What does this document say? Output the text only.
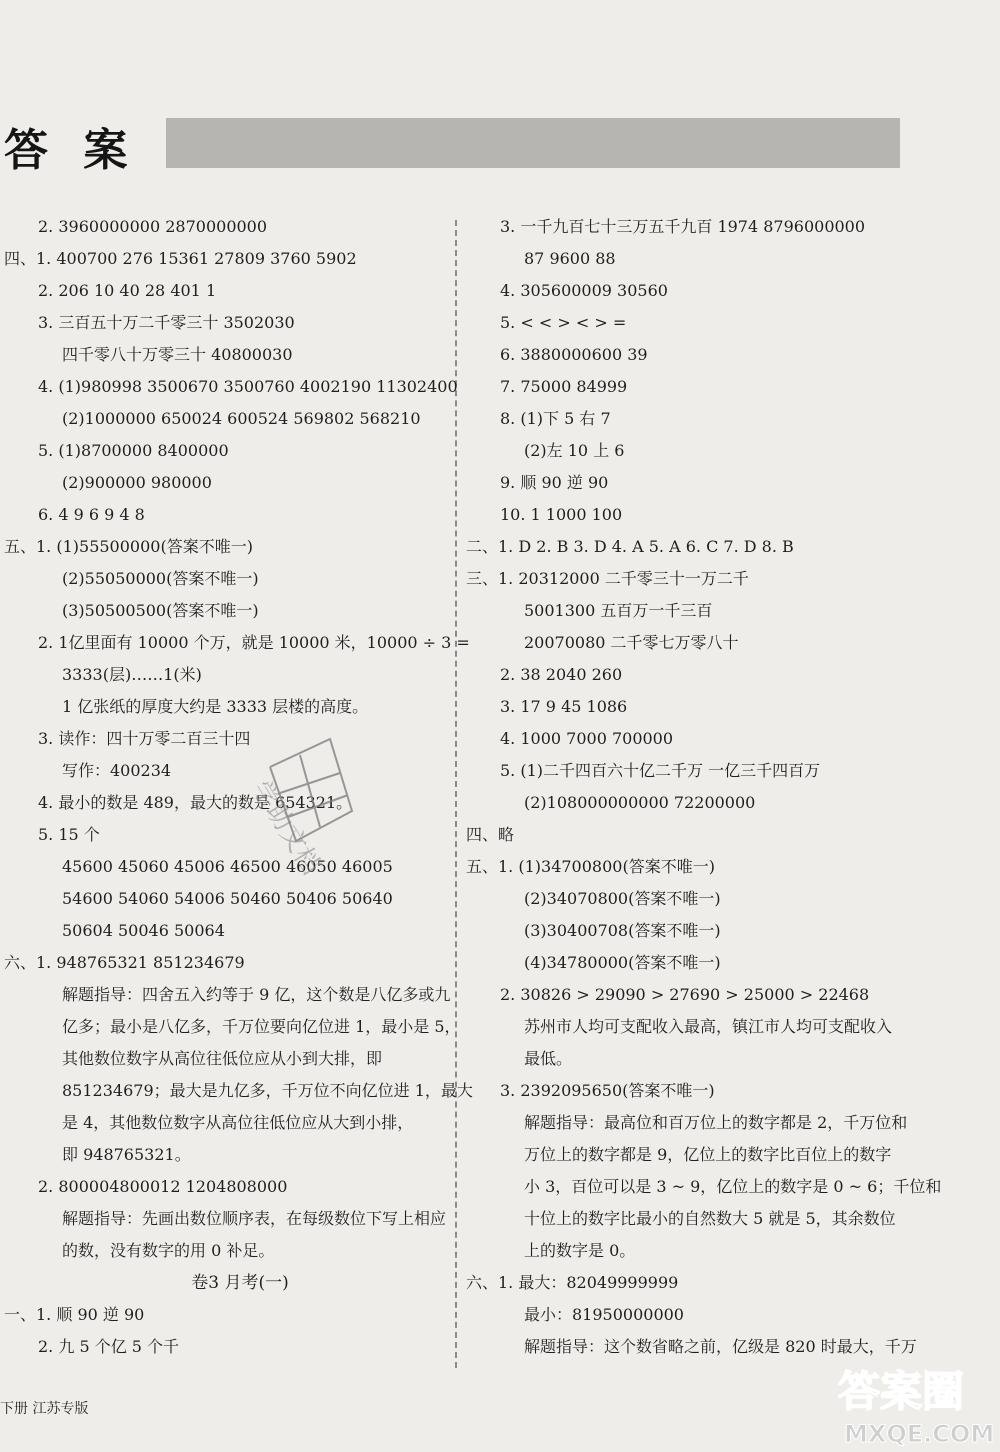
答 案
2. 3960000000 2870000000
四、1. 400700 276 15361 27809 3760 5902
2. 206 10 40 28 401 1
3. 三百五十万二千零三十 3502030
四千零八十万零三十 40800030
4. (1)980998 3500670 3500760 4002190 11302400
(2)1000000 650024 600524 569802 568210
5. (1)8700000 8400000
(2)900000 980000
6. 4 9 6 9 4 8
五、1. (1)55500000(答案不唯一)
(2)55050000(答案不唯一)
(3)50500500(答案不唯一)
2. 1亿里面有 10000 个万，就是 10000 米，10000 ÷ 3 =
3333(层)……1(米)
1 亿张纸的厚度大约是 3333 层楼的高度。
3. 读作：四十万零二百三十四
写作：400234
4. 最小的数是 489，最大的数是 654321。
5. 15 个
45600 45060 45006 46500 46050 46005
54600 54060 54006 50460 50406 50640
50604 50046 50064
六、1. 948765321 851234679
解题指导：四舍五入约等于 9 亿，这个数是八亿多或九
亿多；最小是八亿多，千万位要向亿位进 1，最小是 5，
其他数位数字从高位往低位应从小到大排，即
851234679；最大是九亿多，千万位不向亿位进 1，最大
是 4，其他数位数字从高位往低位应从大到小排，
即 948765321。
2. 800004800012 1204808000
解题指导：先画出数位顺序表，在每级数位下写上相应
的数，没有数字的用 0 补足。
一、1. 顺 90 逆 90
2. 九 5 个亿 5 个千
3. 一千九百七十三万五千九百 1974 8796000000
87 9600 88
4. 305600009 30560
5. < < > < > =
6. 3880000600 39
7. 75000 84999
8. (1)下 5 右 7
(2)左 10 上 6
9. 顺 90 逆 90
10. 1 1000 100
二、1. D 2. B 3. D 4. A 5. A 6. C 7. D 8. B
三、1. 20312000 二千零三十一万二千
5001300 五百万一千三百
20070080 二千零七万零八十
2. 38 2040 260
3. 17 9 45 1086
4. 1000 7000 700000
5. (1)二千四百六十亿二千万 一亿三千四百万
(2)108000000000 72200000
四、略
五、1. (1)34700800(答案不唯一)
(2)34070800(答案不唯一)
(3)30400708(答案不唯一)
(4)34780000(答案不唯一)
2. 30826 > 29090 > 27690 > 25000 > 22468
苏州市人均可支配收入最高，镇江市人均可支配收入
最低。
3. 2392095650(答案不唯一)
解题指导：最高位和百万位上的数字都是 2，千万位和
万位上的数字都是 9，亿位上的数字比百位上的数字
小 3，百位可以是 3 ~ 9，亿位上的数字是 0 ~ 6；千位和
十位上的数字比最小的自然数大 5 就是 5，其余数位
上的数字是 0。
六、1. 最大：82049999999
最小：81950000000
解题指导：这个数省略之前，亿级是 820 时最大，千万
卷3 月考(一)
下册 江苏专版
学助文档
答案圈
MXQE.COM
